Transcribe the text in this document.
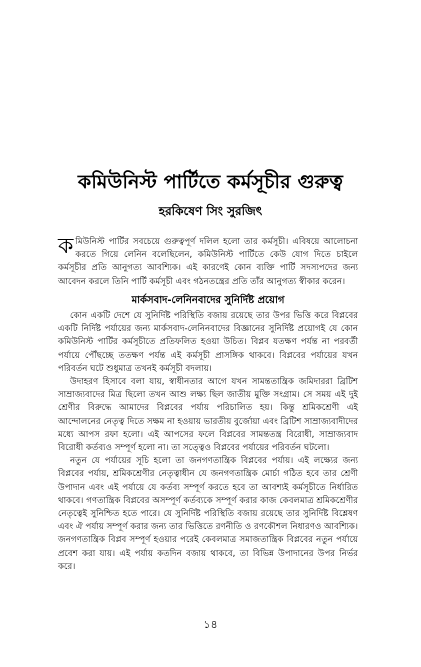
কমিউনিস্ট পার্টিতে কর্মসূচীর গুরুত্ব
হরকিষেণ সিং সুরজিৎ

কমিউনিস্ট পার্টির সবচেয়ে গুরুত্বপূর্ণ দলিল হলো তার কর্মসূচী। এবিষয়ে আলোচনা করতে গিয়ে লেনিন বলেছিলেন, কমিউনিস্ট পার্টিতে কেউ যোগ দিতে চাইলে কর্মসূচীর প্রতি আনুগত্য আবশ্যিক। এই কারণেই কোন ব্যক্তি পার্টি সদস্যপদের জন্য আবেদন করলে তিনি পার্টি কর্মসূচী এবং গঠনতন্ত্রের প্রতি তাঁর আনুগত্য স্বীকার করেন।

মার্কসবাদ-লেনিনবাদের সুনির্দিষ্ট প্রয়োগ

কোন একটি দেশে যে সুনির্দিষ্ট পরিস্থিতি বজায় রয়েছে তার উপর ভিত্তি করে বিপ্লবের একটি নির্দিষ্ট পর্যায়ের জন্য মার্কসবাদ-লেনিনবাদের বিজ্ঞানের সুনির্দিষ্ট প্রয়োগই যে কোন কমিউনিস্ট পার্টির কর্মসূচীতে প্রতিফলিত হওয়া উচিত। বিপ্লব যতক্ষণ পর্যন্ত না পরবর্তী পর্যায়ে পৌঁছচ্ছে ততক্ষণ পর্যন্ত এই কর্মসূচী প্রাসঙ্গিক থাকবে। বিপ্লবের পর্যায়ের যখন পরিবর্তন ঘটে শুধুমাত্র তখনই কর্মসূচী বদলায়।

উদাহরণ হিসাবে বলা যায়, স্বাধীনতার আগে যখন সামন্ততান্ত্রিক জমিদাররা ব্রিটিশ সাম্রাজ্যবাদের মিত্র ছিলো তখন আশু লক্ষ্য ছিল জাতীয় মুক্তি সংগ্রাম। সে সময় এই দুই শ্রেণীর বিরুদ্ধে আমাদের বিপ্লবের পর্যায় পরিচালিত হয়। কিন্তু শ্রমিকশ্রেণী এই আন্দোলনের নেতৃত্ব দিতে সক্ষম না হওয়ায় ভারতীয় বুর্জোয়া এবং ব্রিটিশ সাম্রাজ্যবাদীদের মধ্যে আপস রফা হলো। এই আপসের ফলে বিপ্লবের সামন্ততন্ত্র বিরোধী, সাম্রাজ্যবাদ বিরোধী কর্তব্যও সম্পূর্ণ হলো না। তা সত্ত্বেও বিপ্লবের পর্যায়ের পরিবর্তন ঘটলো।

নতুন যে পর্যায়ের সূচি হলো তা জনগণতান্ত্রিক বিপ্লবের পর্যায়। এই লক্ষ্যের জন্য বিপ্লবের পর্যায়, শ্রমিকশ্রেণীর নেতৃত্বাধীন যে জনগণতান্ত্রিক মোর্চা গঠিত হবে তার শ্রেণী উপাদান এবং এই পর্যায়ে যে কর্তব্য সম্পূর্ণ করতে হবে তা আবশ্যই কর্মসূচীতে নির্ধারিত থাকবে। গণতান্ত্রিক বিপ্লবের অসম্পূর্ণ কর্তব্যকে সম্পূর্ণ করার কাজ কেবলমাত্র শ্রমিকশ্রেণীর নেতৃত্বেই সুনিশ্চিত হতে পারে। যে সুনির্দিষ্ট পরিস্থিতি বজায় রয়েছে তার সুনির্দিষ্ট বিশ্লেষণ এবং ঐ পর্যায় সম্পূর্ণ করার জন্য তার ভিত্তিতে রণনীতি ও রণকৌশল নিধারণও আবশ্যিক। জনগণতান্ত্রিক বিপ্লব সম্পূর্ণ হওয়ার পরেই কেবলমাত্র সমাজতান্ত্রিক বিপ্লবের নতুন পর্যায়ে প্রবেশ করা যায়। এই পর্যায় কতদিন বজায় থাকবে, তা বিভিন্ন উপাদানের উপর নির্ভর করে।

১৪
